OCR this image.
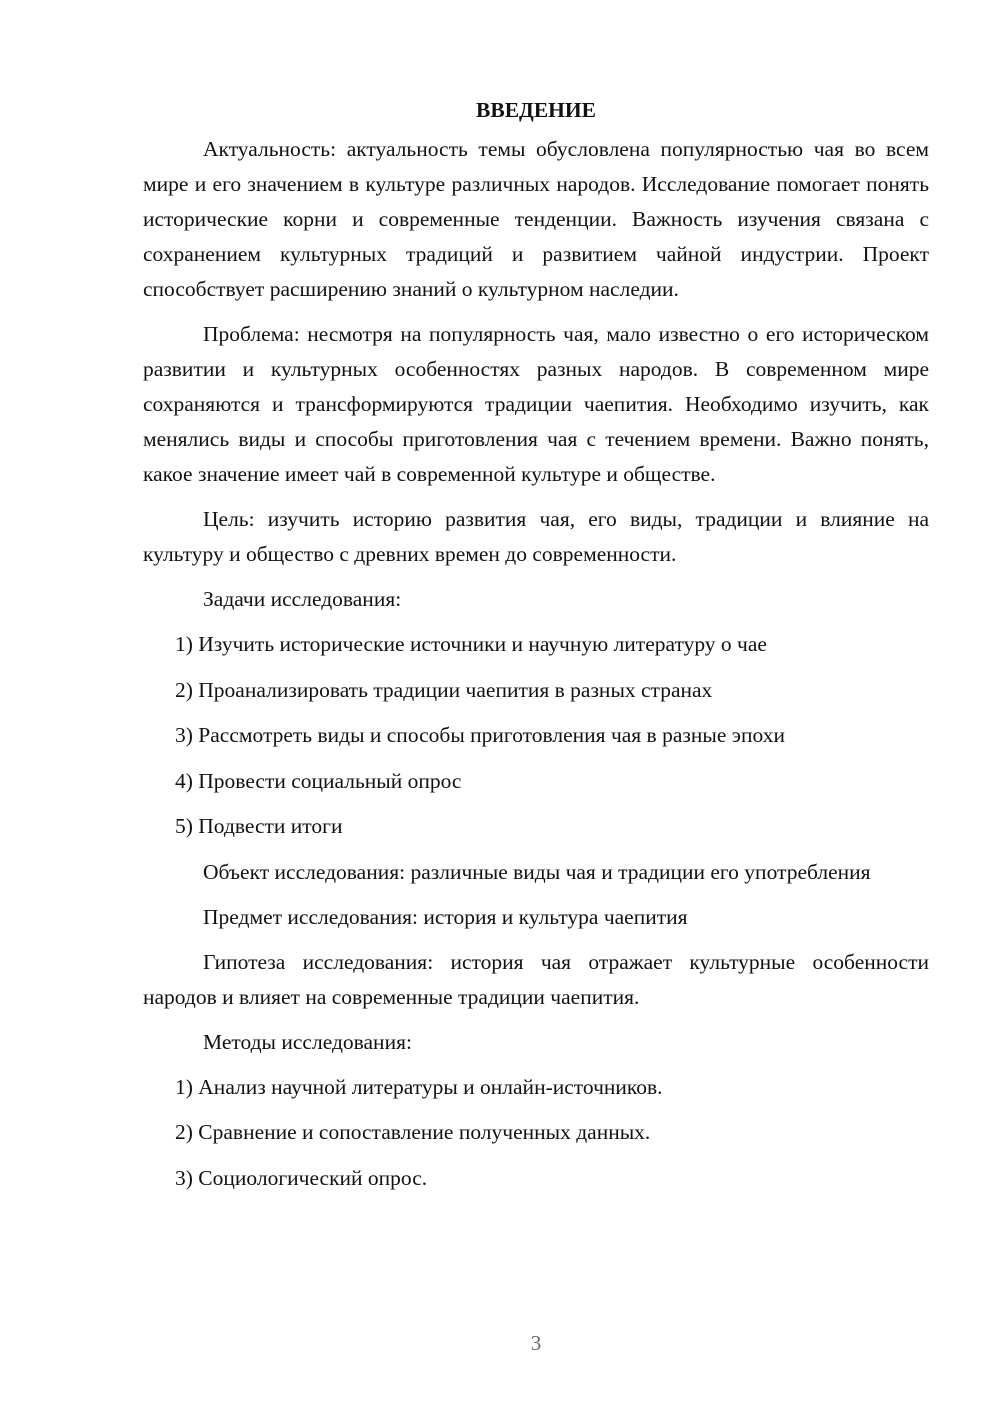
ВВЕДЕНИЕ

Актуальность: актуальность темы обусловлена популярностью чая во всем мире и его значением в культуре различных народов. Исследование помогает понять исторические корни и современные тенденции. Важность изучения связана с сохранением культурных традиций и развитием чайной индустрии. Проект способствует расширению знаний о культурном наследии.

Проблема: несмотря на популярность чая, мало известно о его историческом развитии и культурных особенностях разных народов. В современном мире сохраняются и трансформируются традиции чаепития. Необходимо изучить, как менялись виды и способы приготовления чая с течением времени. Важно понять, какое значение имеет чай в современной культуре и обществе.

Цель: изучить историю развития чая, его виды, традиции и влияние на культуру и общество с древних времен до современности.

Задачи исследования:

1) Изучить исторические источники и научную литературу о чае
2) Проанализировать традиции чаепития в разных странах
3) Рассмотреть виды и способы приготовления чая в разные эпохи
4) Провести социальный опрос
5) Подвести итоги

Объект исследования: различные виды чая и традиции его употребления

Предмет исследования: история и культура чаепития

Гипотеза исследования: история чая отражает культурные особенности народов и влияет на современные традиции чаепития.

Методы исследования:

1) Анализ научной литературы и онлайн-источников.
2) Сравнение и сопоставление полученных данных.
3) Социологический опрос.
3
